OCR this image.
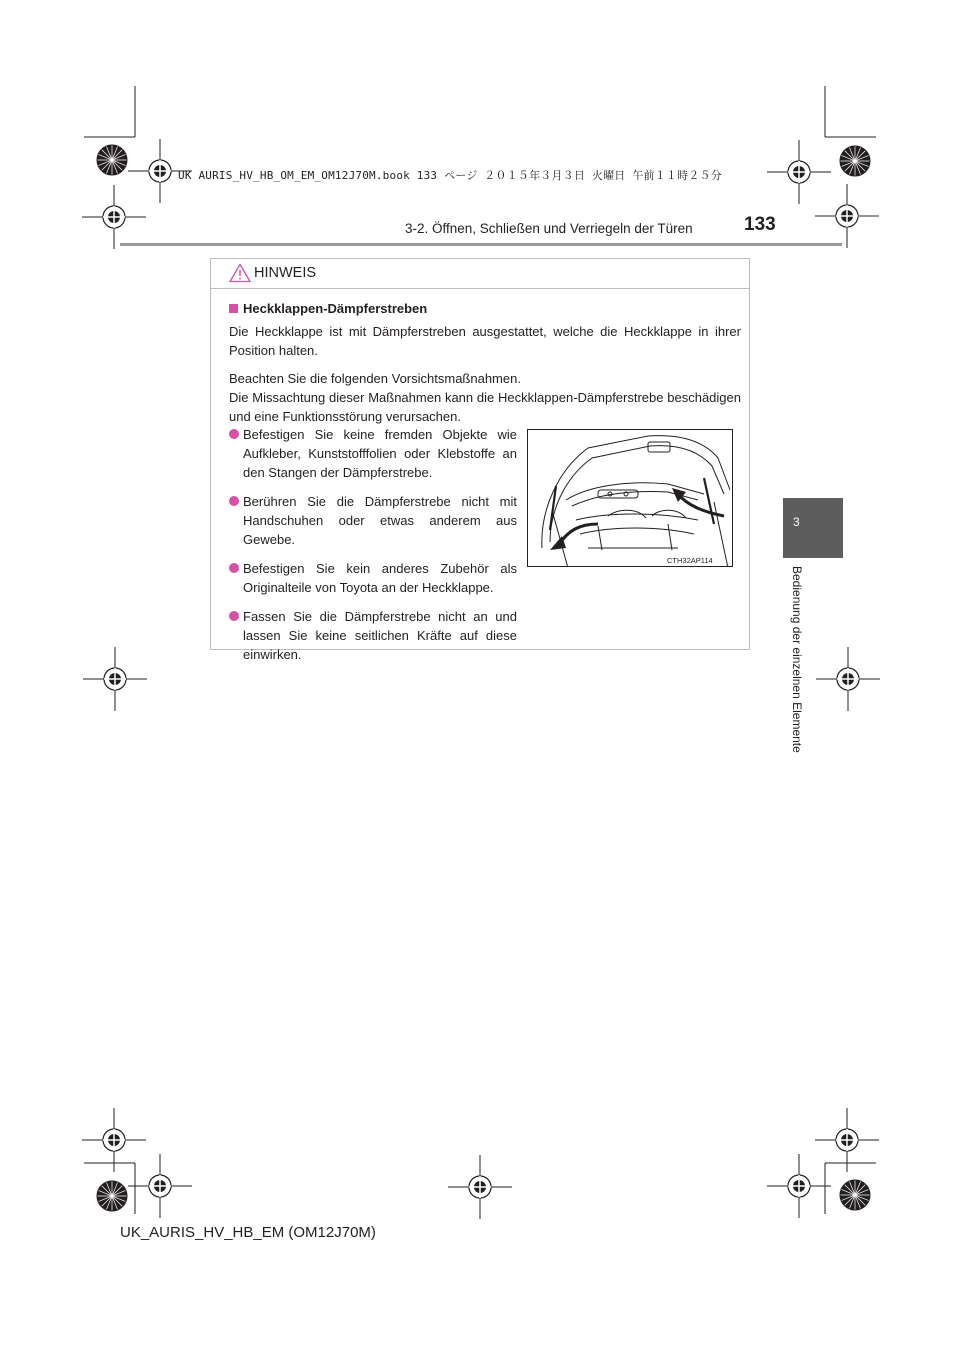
UK AURIS_HV_HB_OM_EM_OM12J70M.book 133 ページ ２０１５年３月３日 火曜日 午前１１時２５分
3-2. Öffnen, Schließen und Verriegeln der Türen	133
3
Bedienung der einzelnen Elemente
HINWEIS
Heckklappen-Dämpferstreben
Die Heckklappe ist mit Dämpferstreben ausgestattet, welche die Heckklappe in ihrer Position halten.
Beachten Sie die folgenden Vorsichtsmaßnahmen.
Die Missachtung dieser Maßnahmen kann die Heckklappen-Dämpferstrebe beschädigen und eine Funktionsstörung verursachen.
Befestigen Sie keine fremden Objekte wie Aufkleber, Kunststofffolien oder Klebstoffe an den Stangen der Dämpferstrebe.
Berühren Sie die Dämpferstrebe nicht mit Handschuhen oder etwas anderem aus Gewebe.
Befestigen Sie kein anderes Zubehör als Originalteile von Toyota an der Heckklappe.
Fassen Sie die Dämpferstrebe nicht an und lassen Sie keine seitlichen Kräfte auf diese einwirken.
CTH32AP114
UK_AURIS_HV_HB_EM (OM12J70M)
